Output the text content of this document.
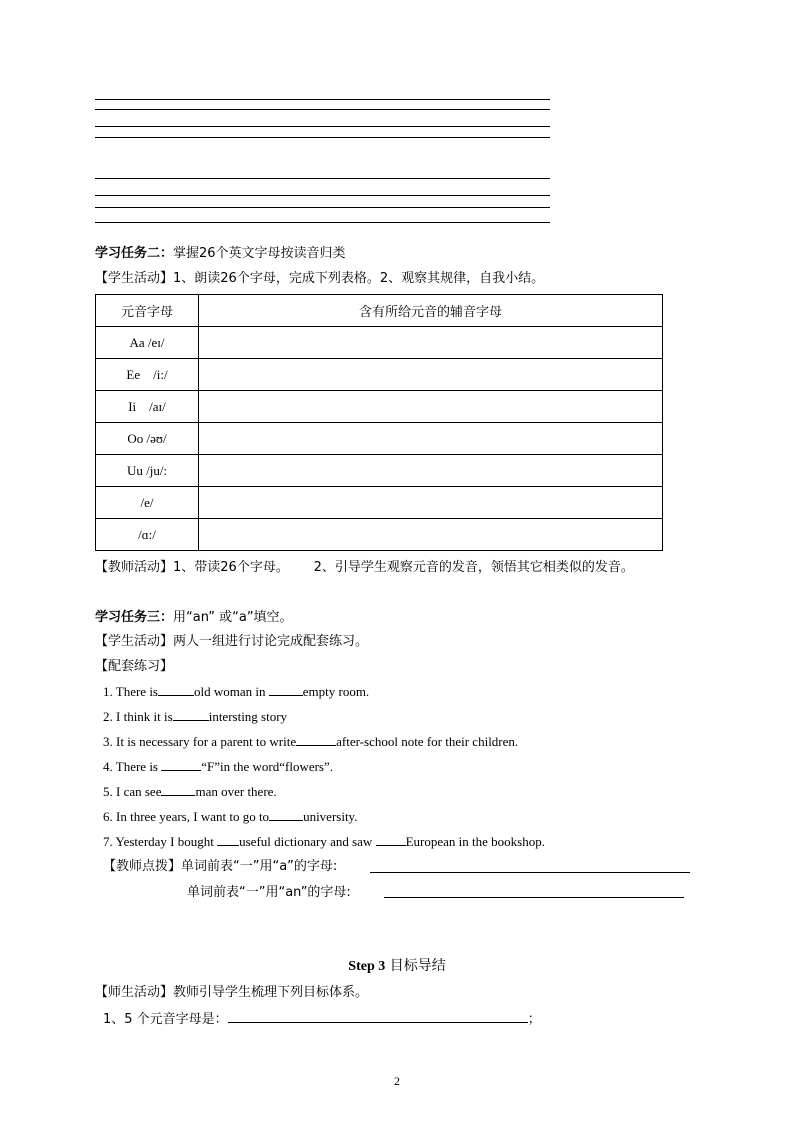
学习任务二：掌握26个英文字母按读音归类
【学生活动】1、朗读26个字母，完成下列表格。2、观察其规律，自我小结。
元音字母	含有所给元音的辅音字母
Aa /eɪ/	
Ee    /i:/	
Ii    /aɪ/	
Oo /əʊ/	
Uu /ju/:	
/e/	
/ɑ:/	
【教师活动】1、带读26个字母。      2、引导学生观察元音的发音，领悟其它相类似的发音。
学习任务三：用“an” 或“a”填空。
【学生活动】两人一组进行讨论完成配套练习。
【配套练习】
1. There is	old woman in	empty room.
2. I think it is	intersting story
3. It is necessary for a parent to write	after-school note for their children.
4. There is	“F”in the word“flowers”.
5. I can see	man over there.
6. In three years, I want to go to	university.
7. Yesterday I bought useful dictionary and saw European in the bookshop.
【教师点拨】单词前表“一”用“a”的字母:
单词前表“一”用“an”的字母:
Step 3 目标导结
【师生活动】教师引导学生梳理下列目标体系。
1、5 个元音字母是：	；
2
